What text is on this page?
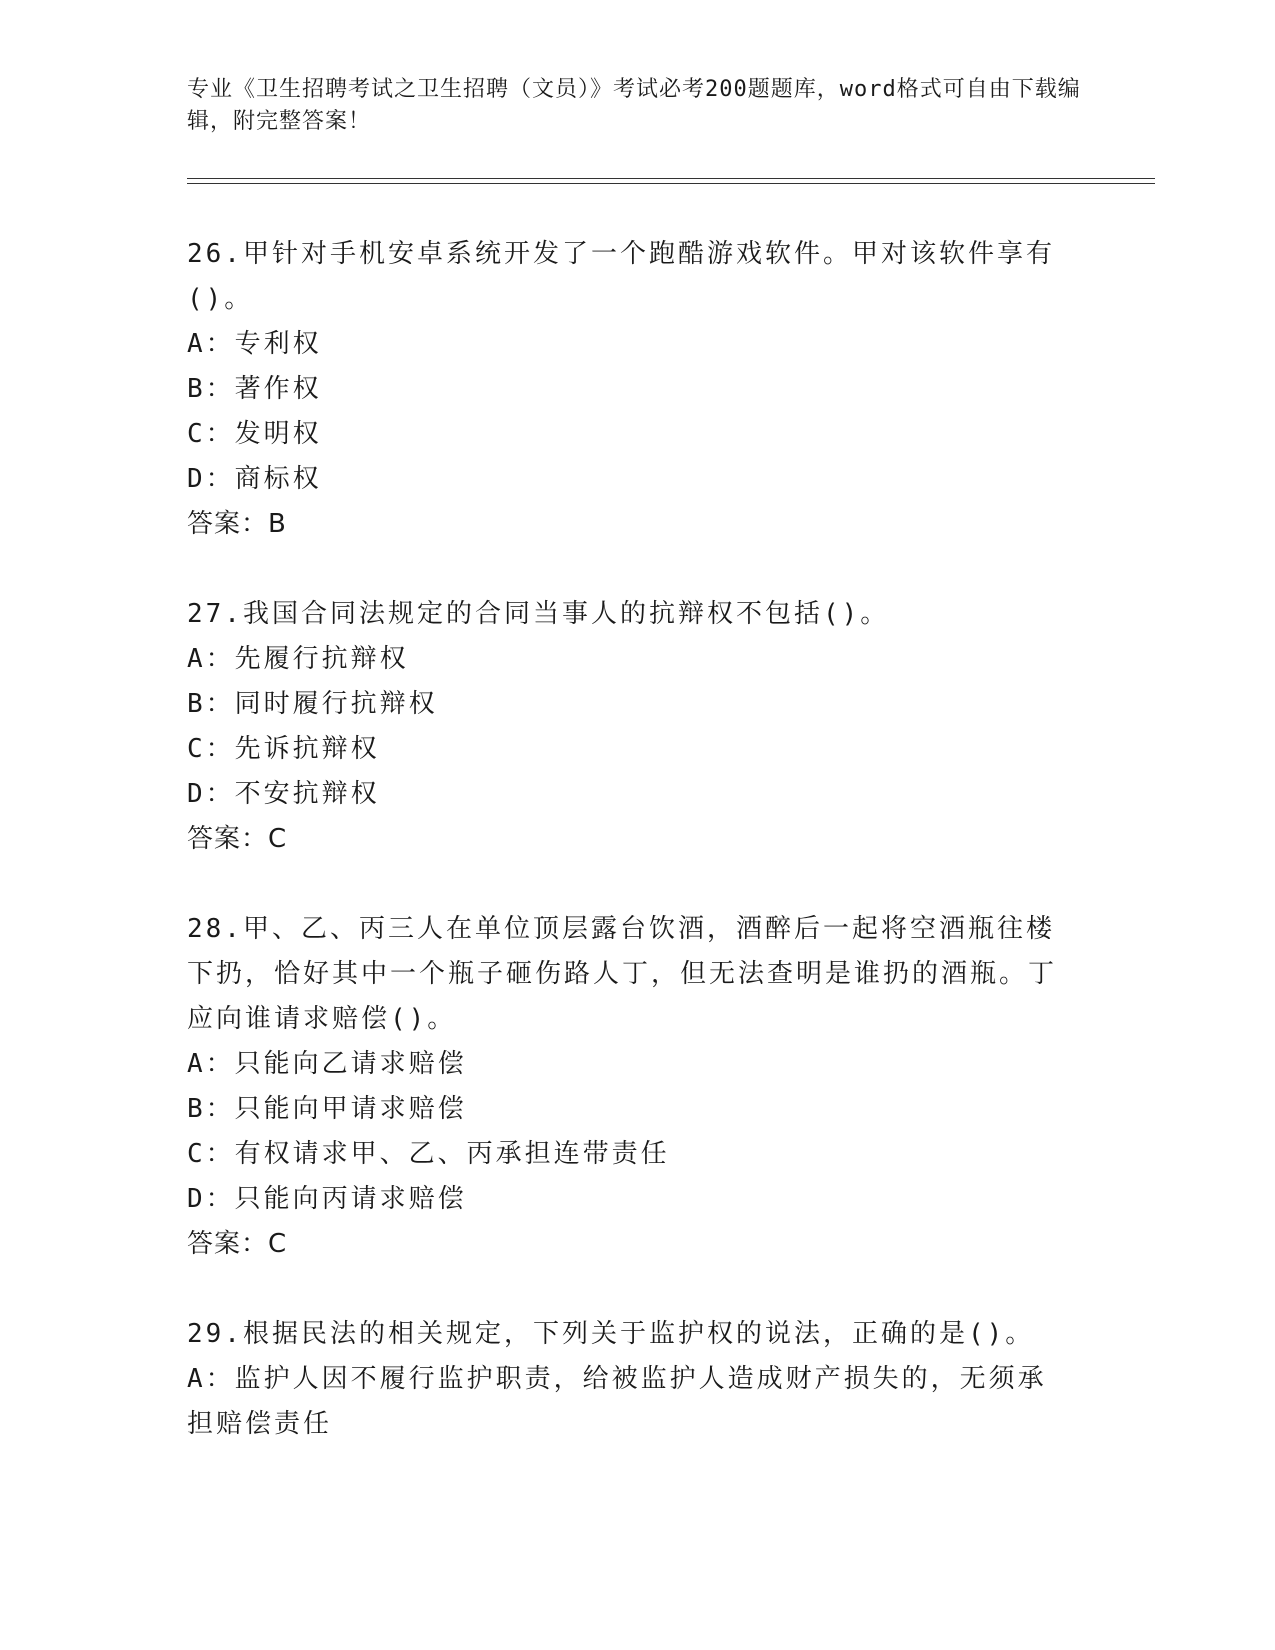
专业《卫生招聘考试之卫生招聘（文员）》考试必考200题题库，word格式可自由下载编辑，附完整答案！
26.甲针对手机安卓系统开发了一个跑酷游戏软件。甲对该软件享有()。
A：专利权
B：著作权
C：发明权
D：商标权
答案：B
27.我国合同法规定的合同当事人的抗辩权不包括()。
A：先履行抗辩权
B：同时履行抗辩权
C：先诉抗辩权
D：不安抗辩权
答案：C
28.甲、乙、丙三人在单位顶层露台饮酒，酒醉后一起将空酒瓶往楼下扔，恰好其中一个瓶子砸伤路人丁，但无法查明是谁扔的酒瓶。丁应向谁请求赔偿()。
A：只能向乙请求赔偿
B：只能向甲请求赔偿
C：有权请求甲、乙、丙承担连带责任
D：只能向丙请求赔偿
答案：C
29.根据民法的相关规定，下列关于监护权的说法，正确的是()。
A：监护人因不履行监护职责，给被监护人造成财产损失的，无须承担赔偿责任
